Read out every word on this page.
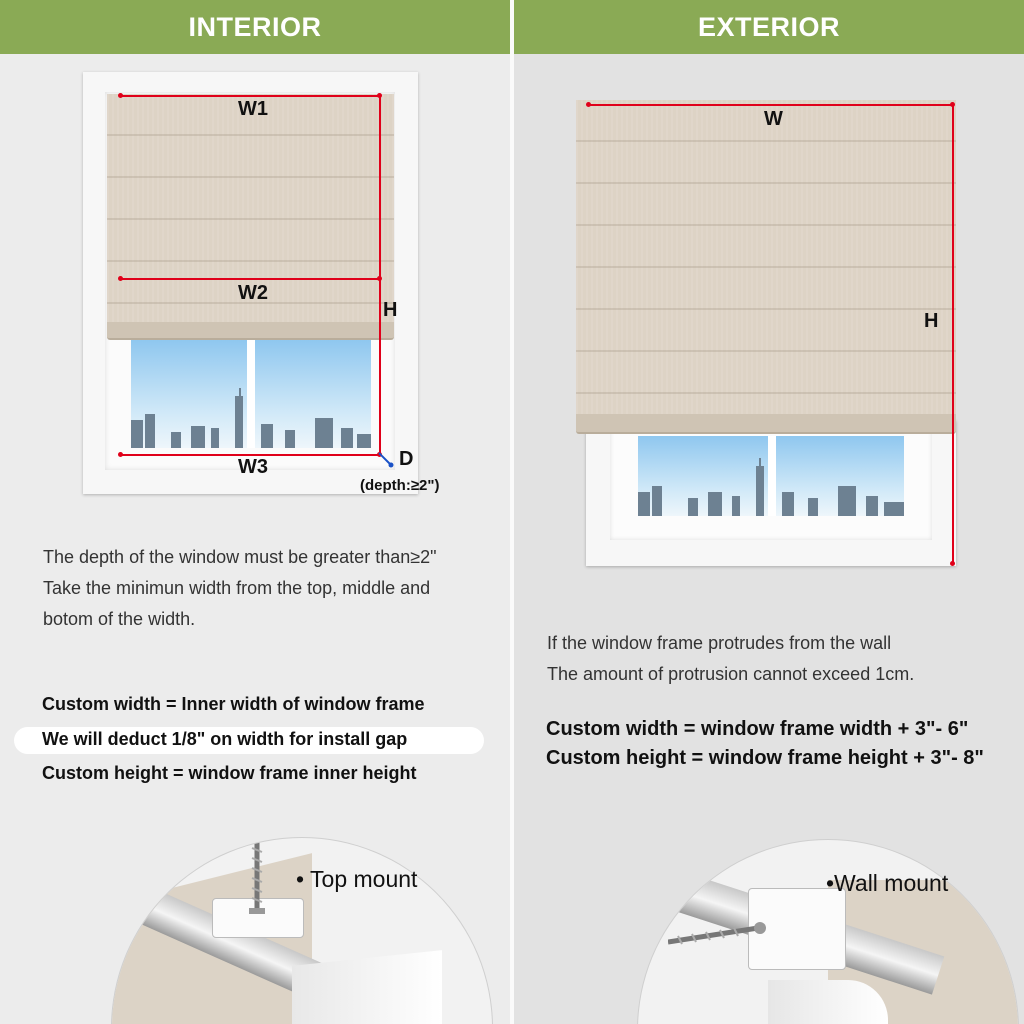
INTERIOR
W1
W2
W3
H
D
(depth:≥2")
The depth of the window must be greater than≥2"
Take the minimun width from the top, middle and
botom of the width.
Custom width = Inner width of window frame
We will deduct 1/8" on width for install gap
Custom height = window frame inner height
• Top mount
EXTERIOR
W
H
If the window frame protrudes from the wall
The amount of protrusion cannot exceed 1cm.
Custom width = window frame width + 3"- 6"
Custom height = window frame height + 3"- 8"
•Wall mount
